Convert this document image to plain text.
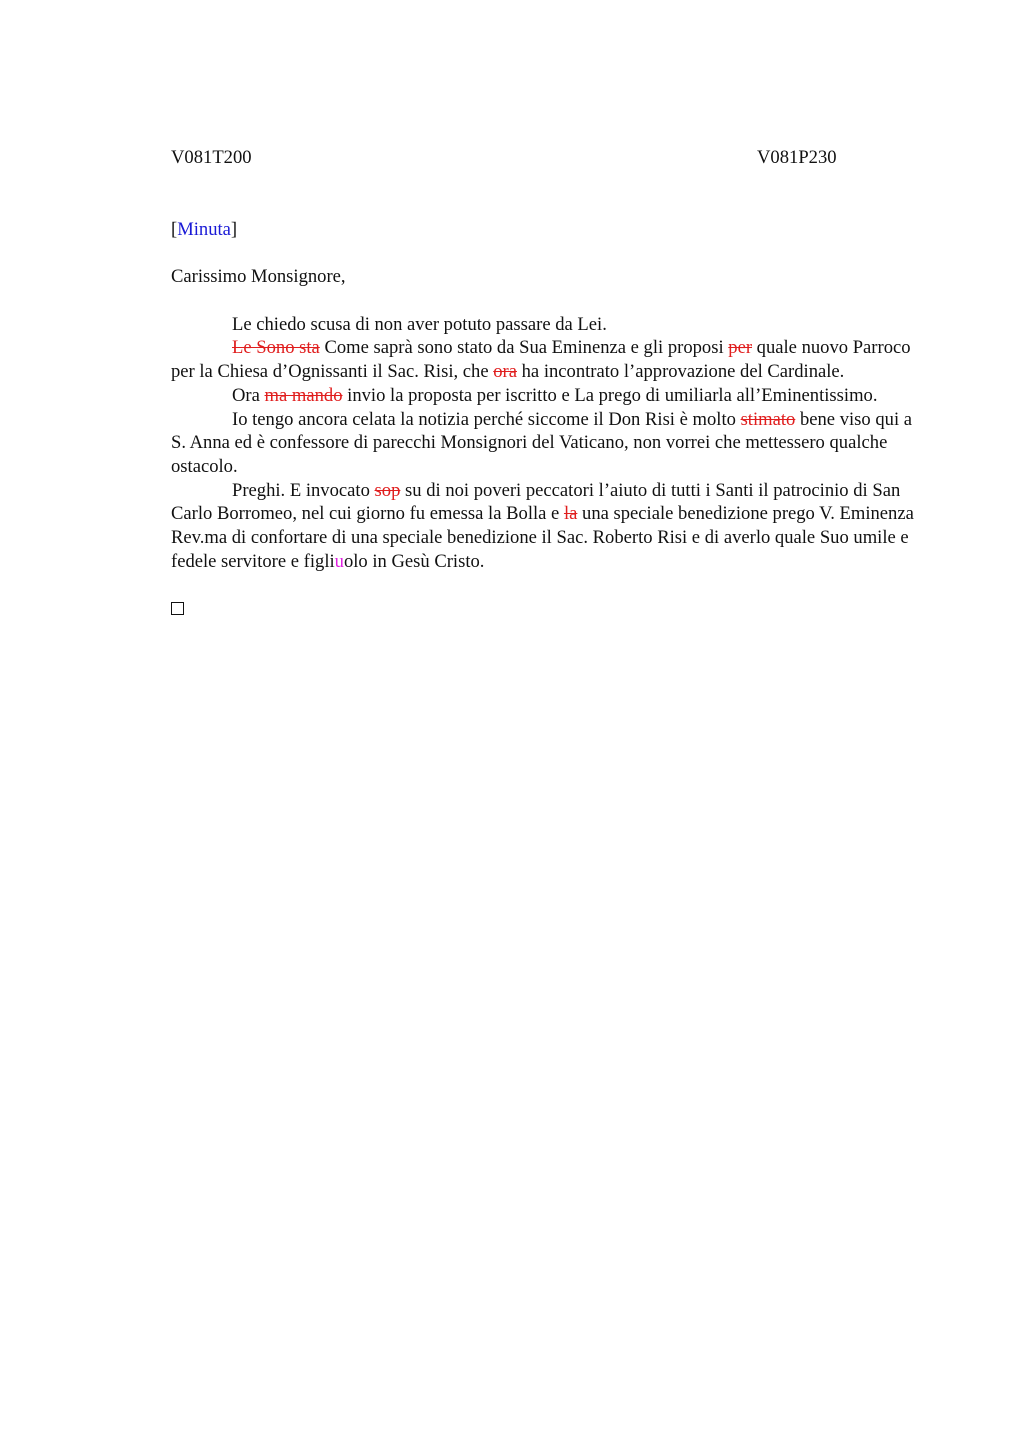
V081T200	V081P230

[Minuta]

Carissimo Monsignore,

Le chiedo scusa di non aver potuto passare da Lei.

Le Sono sta Come saprà sono stato da Sua Eminenza e gli proposi per quale nuovo Parroco per la Chiesa d’Ognissanti il Sac. Risi, che ora ha incontrato l’approvazione del Cardinale.

Ora ma mando invio la proposta per iscritto e La prego di umiliarla all’Eminentissimo.

Io tengo ancora celata la notizia perché siccome il Don Risi è molto stimato bene viso qui a S. Anna ed è confessore di parecchi Monsignori del Vaticano, non vorrei che mettessero qualche ostacolo.

Preghi. E invocato sop su di noi poveri peccatori l’aiuto di tutti i Santi il patrocinio di San Carlo Borromeo, nel cui giorno fu emessa la Bolla e la una speciale benedizione prego V. Eminenza Rev.ma di confortare di una speciale benedizione il Sac. Roberto Risi e di averlo quale Suo umile e fedele servitore e figliuolo in Gesù Cristo.
